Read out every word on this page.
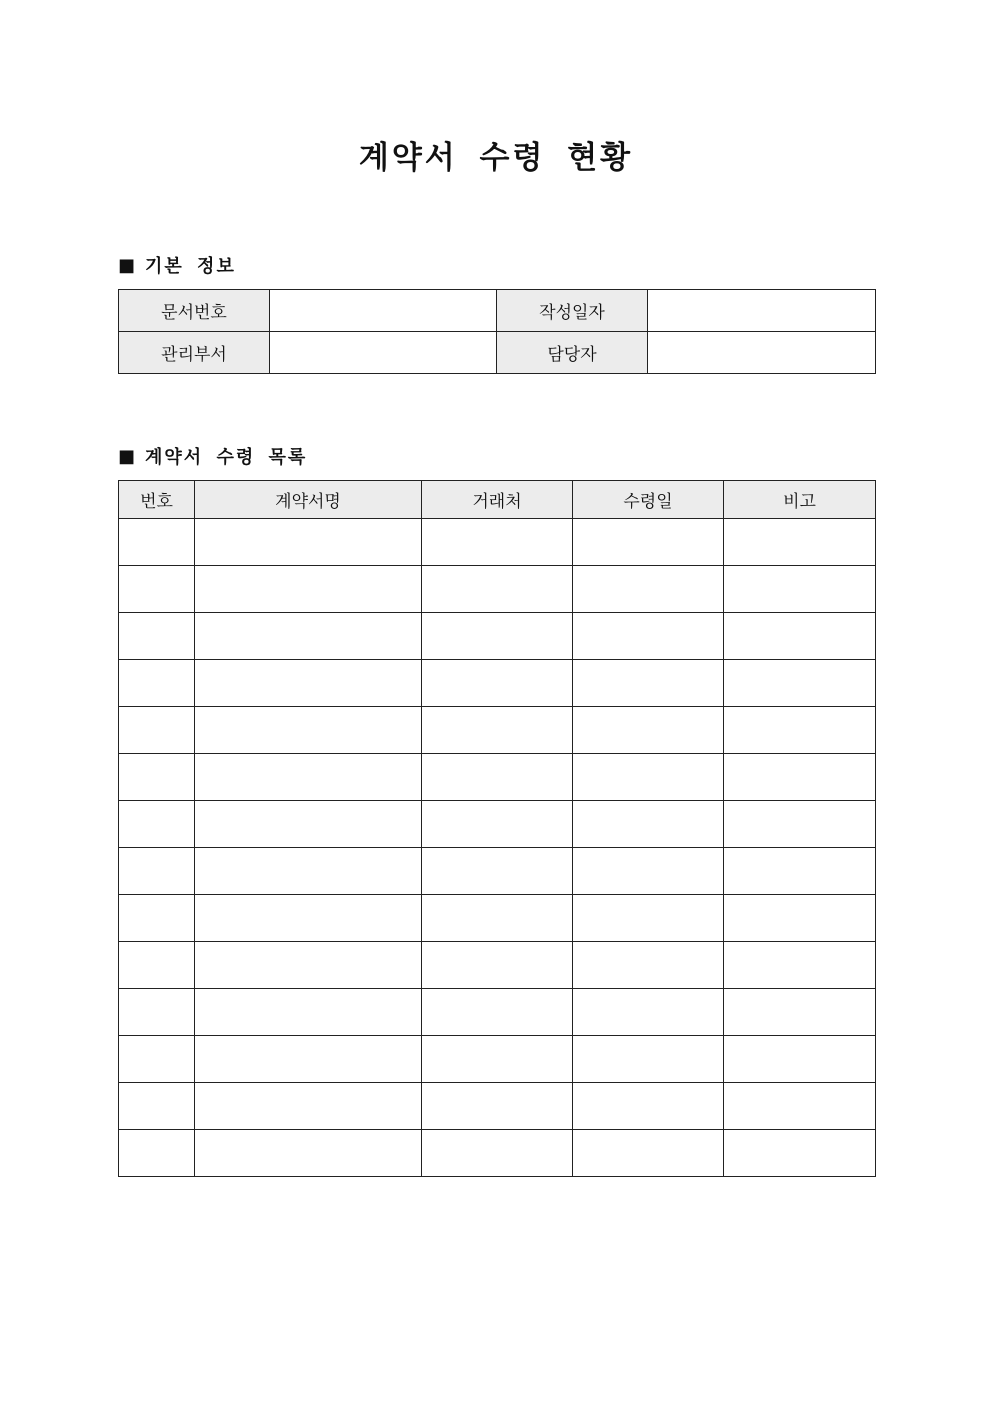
계약서 수령 현황
■ 기본 정보
문서번호		작성일자	
관리부서		담당자	
■ 계약서 수령 목록
번호	계약서명	거래처	수령일	비고
